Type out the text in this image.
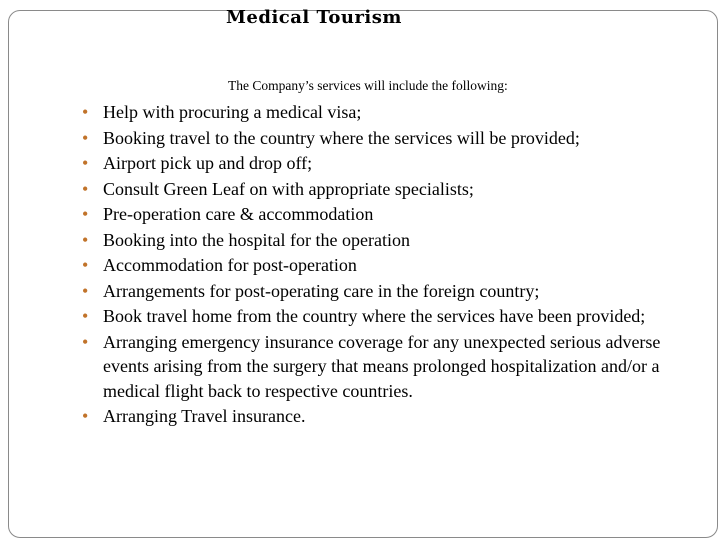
Medical Tourism

The Company’s services will include the following:

• Help with procuring a medical visa;
• Booking travel to the country where the services will be provided;
• Airport pick up and drop off;
• Consult Green Leaf on with appropriate specialists;
• Pre-operation care & accommodation
• Booking into the hospital for the operation
• Accommodation for post-operation
• Arrangements for post-operating care in the foreign country;
• Book travel home from the country where the services have been provided;
• Arranging emergency insurance coverage for any unexpected serious adverse events arising from the surgery that means prolonged hospitalization and/or a medical flight back to respective countries.
• Arranging Travel insurance.
